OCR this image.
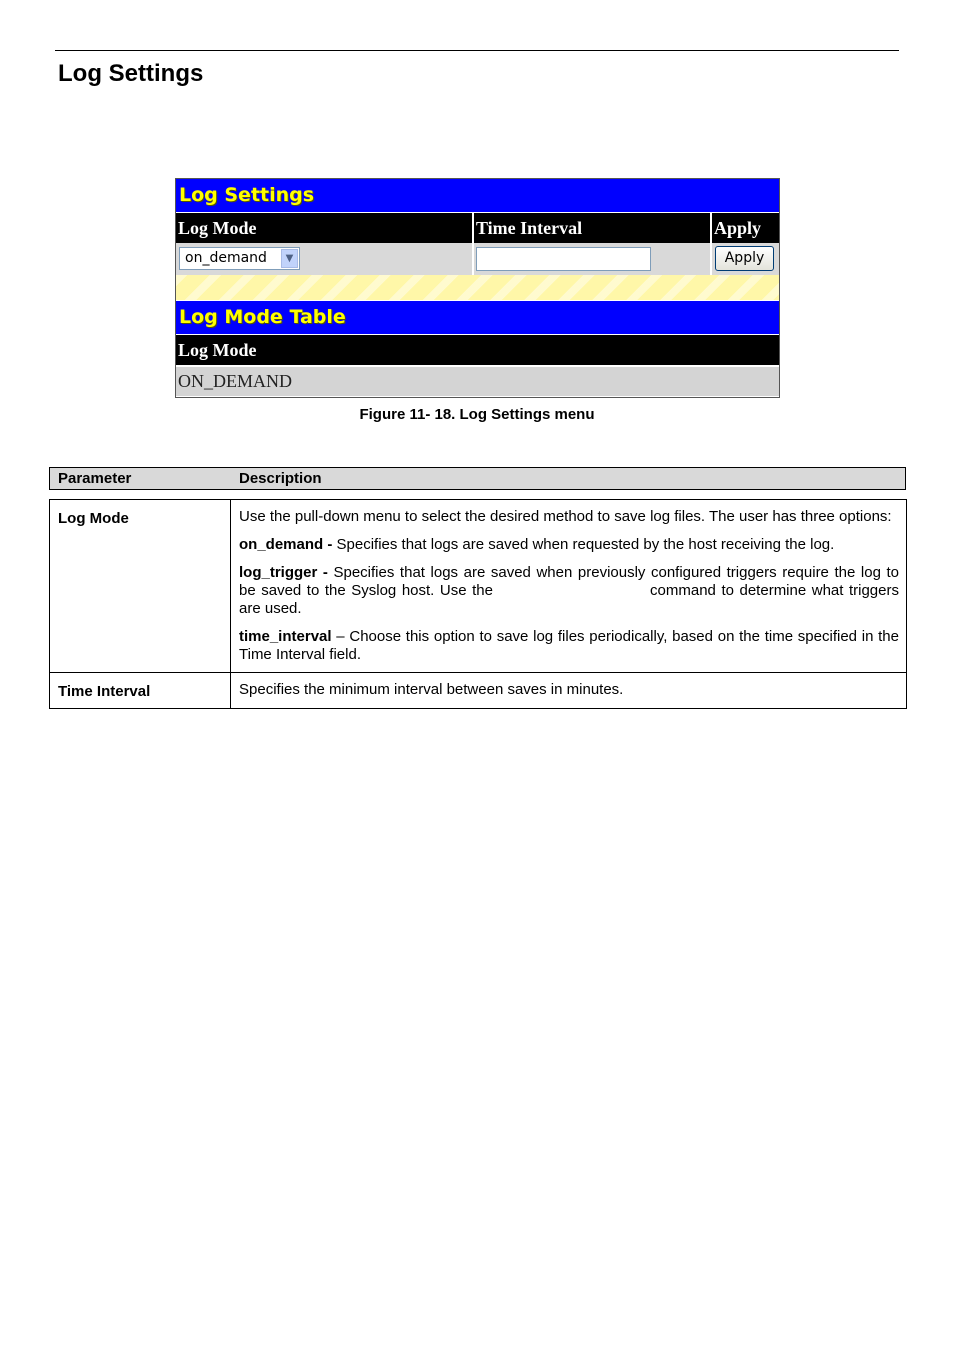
Log Settings
Log Settings
Log Mode	Time Interval	Apply
on_demand	▼	Apply
Log Mode Table
Log Mode
ON_DEMAND
Figure 11- 18. Log Settings menu
Parameter	Description
Log Mode	Use the pull-down menu to select the desired method to save log files. The user has three options:

on_demand - Specifies that logs are saved when requested by the host receiving the log.

log_trigger - Specifies that logs are saved when previously configured triggers require the log to be saved to the Syslog host. Use the command to determine what triggers are used.

time_interval – Choose this option to save log files periodically, based on the time specified in the Time Interval field.

Time Interval	Specifies the minimum interval between saves in minutes.
